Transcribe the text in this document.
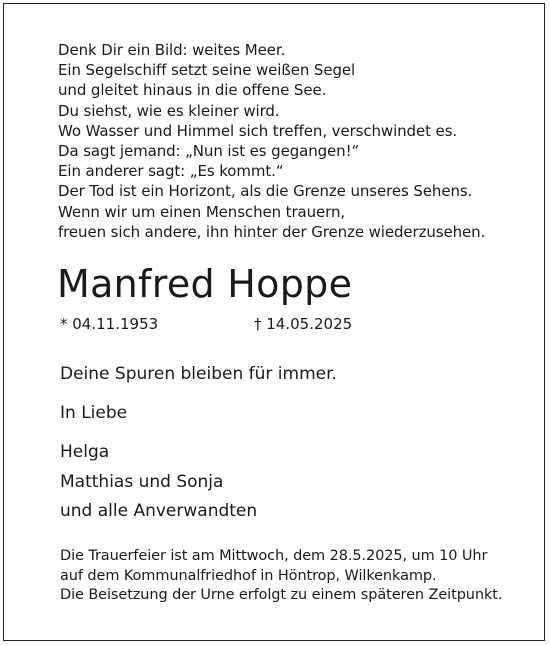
Denk Dir ein Bild: weites Meer.
Ein Segelschiff setzt seine weißen Segel
und gleitet hinaus in die offene See.
Du siehst, wie es kleiner wird.
Wo Wasser und Himmel sich treffen, verschwindet es.
Da sagt jemand: „Nun ist es gegangen!“
Ein anderer sagt: „Es kommt.“
Der Tod ist ein Horizont, als die Grenze unseres Sehens.
Wenn wir um einen Menschen trauern,
freuen sich andere, ihn hinter der Grenze wiederzusehen.
Manfred Hoppe
* 04.11.1953	† 14.05.2025
Deine Spuren bleiben für immer.
In Liebe
Helga
Matthias und Sonja
und alle Anverwandten
Die Trauerfeier ist am Mittwoch, dem 28.5.2025, um 10 Uhr
auf dem Kommunalfriedhof in Höntrop, Wilkenkamp.
Die Beisetzung der Urne erfolgt zu einem späteren Zeitpunkt.
